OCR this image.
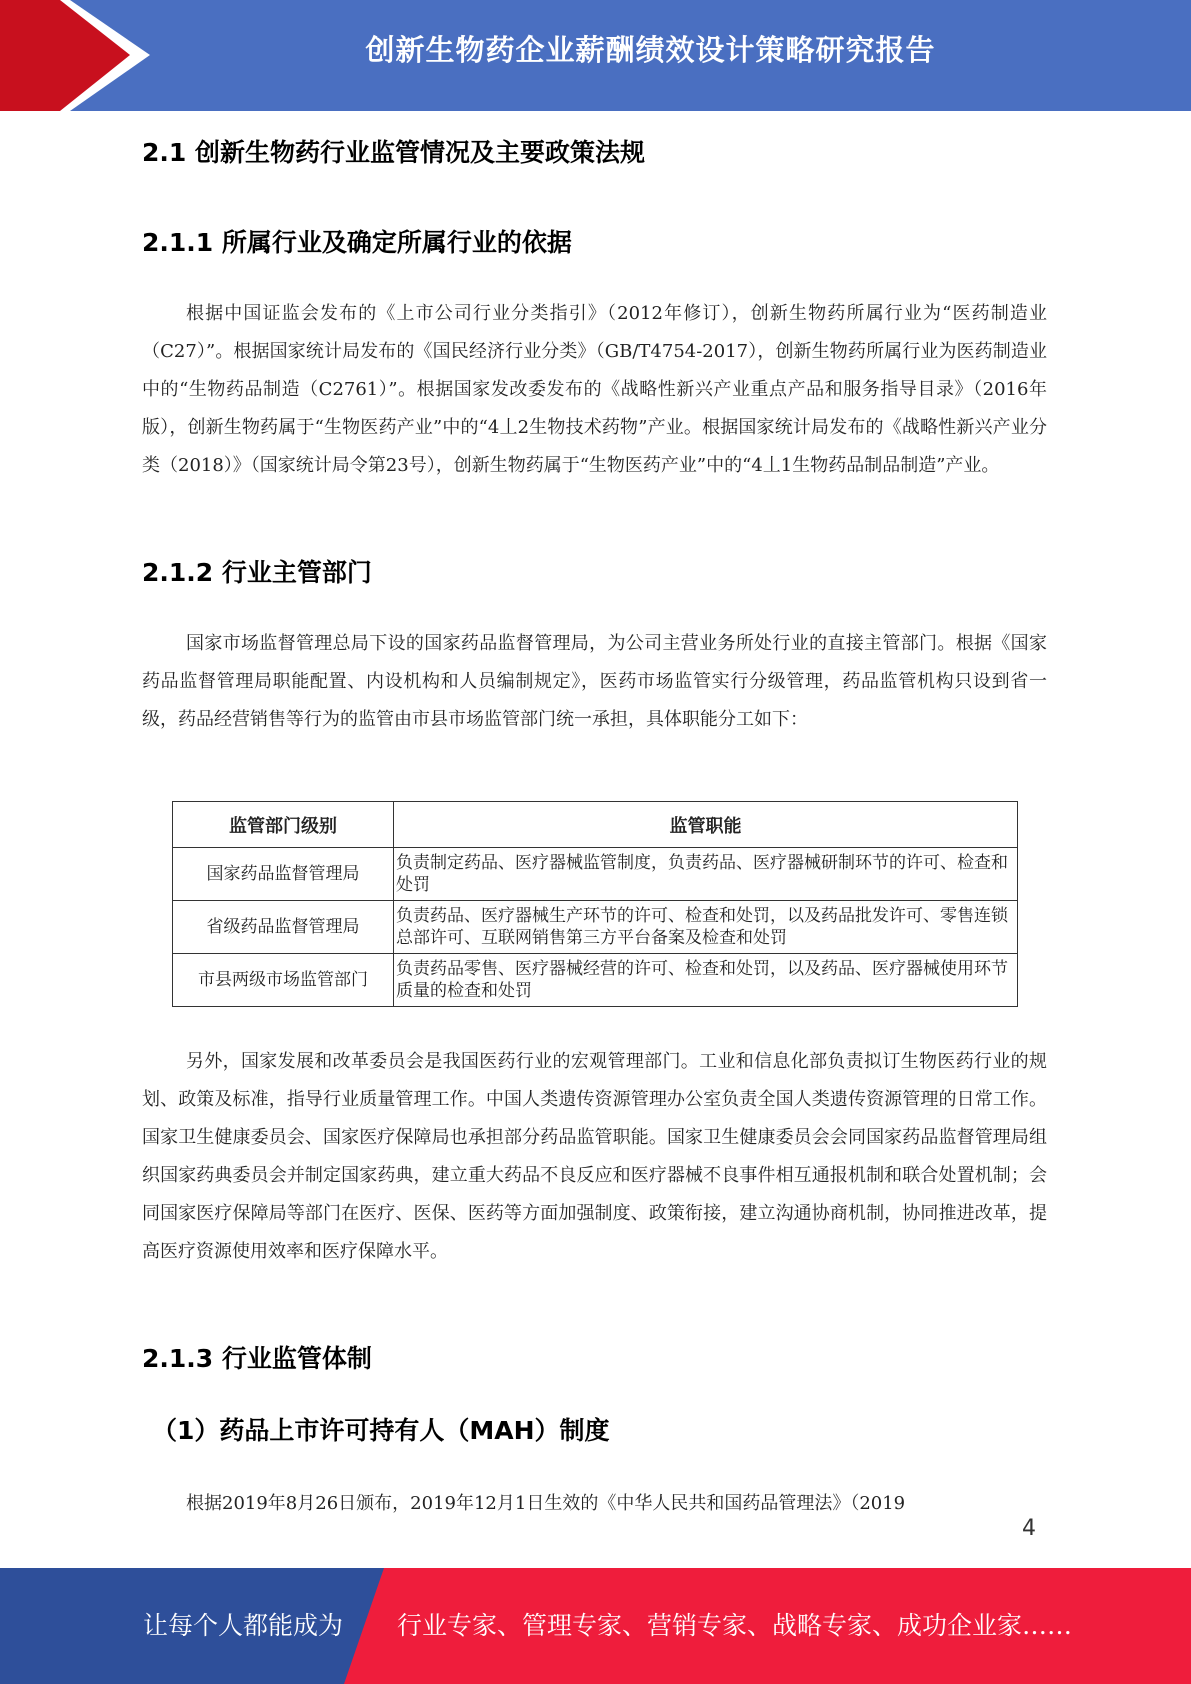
创新生物药企业薪酬绩效设计策略研究报告
2.1 创新生物药行业监管情况及主要政策法规
2.1.1 所属行业及确定所属行业的依据
根据中国证监会发布的《上市公司行业分类指引》（2012年修订），创新生物药所属行业为“医药制造业（C27）”。根据国家统计局发布的《国民经济行业分类》（GB/T4754-2017），创新生物药所属行业为医药制造业中的“生物药品制造（C2761）”。根据国家发改委发布的《战略性新兴产业重点产品和服务指导目录》（2016年版），创新生物药属于“生物医药产业”中的“4丄2生物技术药物”产业。根据国家统计局发布的《战略性新兴产业分类（2018）》（国家统计局令第23号），创新生物药属于“生物医药产业”中的“4丄1生物药品制品制造”产业。
2.1.2 行业主管部门
国家市场监督管理总局下设的国家药品监督管理局，为公司主营业务所处行业的直接主管部门。根据《国家药品监督管理局职能配置、内设机构和人员编制规定》，医药市场监管实行分级管理，药品监管机构只设到省一级，药品经营销售等行为的监管由市县市场监管部门统一承担，具体职能分工如下：
监管部门级别	监管职能
国家药品监督管理局	负责制定药品、医疗器械监管制度，负责药品、医疗器械研制环节的许可、检查和处罚
省级药品监督管理局	负责药品、医疗器械生产环节的许可、检查和处罚，以及药品批发许可、零售连锁总部许可、互联网销售第三方平台备案及检查和处罚
市县两级市场监管部门	负责药品零售、医疗器械经营的许可、检查和处罚，以及药品、医疗器械使用环节质量的检查和处罚
另外，国家发展和改革委员会是我国医药行业的宏观管理部门。工业和信息化部负责拟订生物医药行业的规划、政策及标准，指导行业质量管理工作。中国人类遗传资源管理办公室负责全国人类遗传资源管理的日常工作。国家卫生健康委员会、国家医疗保障局也承担部分药品监管职能。国家卫生健康委员会会同国家药品监督管理局组织国家药典委员会并制定国家药典，建立重大药品不良反应和医疗器械不良事件相互通报机制和联合处置机制；会同国家医疗保障局等部门在医疗、医保、医药等方面加强制度、政策衔接，建立沟通协商机制，协同推进改革，提高医疗资源使用效率和医疗保障水平。
2.1.3 行业监管体制
（1）药品上市许可持有人（MAH）制度
根据2019年8月26日颁布，2019年12月1日生效的《中华人民共和国药品管理法》（2019
4
让每个人都能成为 行业专家、管理专家、营销专家、战略专家、成功企业家……
